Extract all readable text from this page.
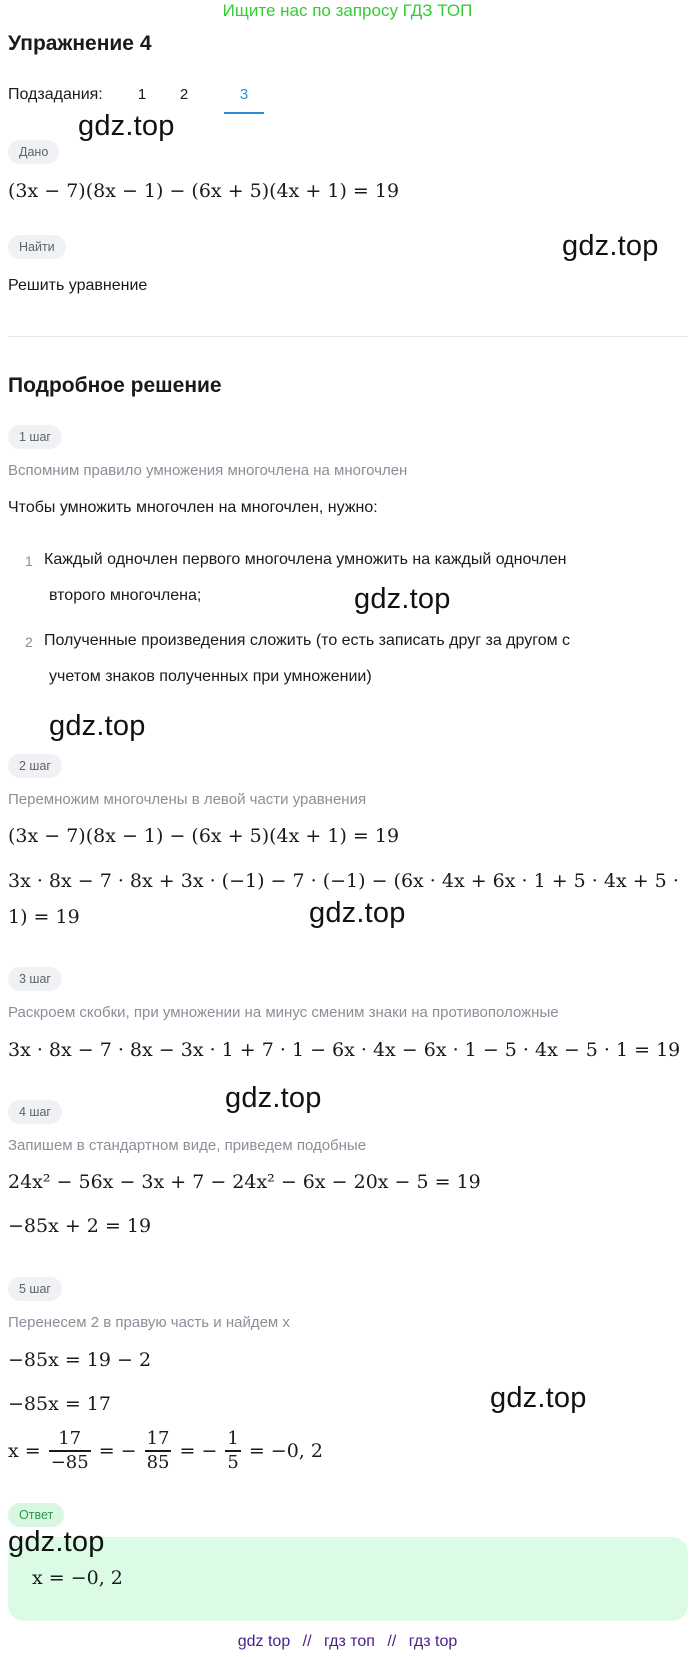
Ищите нас по запросу ГДЗ ТОП
Упражнение 4
Подзадания:	1	2	3
Дано
(3x − 7)(8x − 1) − (6x + 5)(4x + 1) = 19
Найти
Решить уравнение
Подробное решение
1 шаг
Вспомним правило умножения многочлена на многочлен
Чтобы умножить многочлен на многочлен, нужно:
1 Каждый одночлен первого многочлена умножить на каждый одночлен
второго многочлена;
2 Полученные произведения сложить (то есть записать друг за другом с
учетом знаков полученных при умножении)
2 шаг
Перемножим многочлены в левой части уравнения
(3x − 7)(8x − 1) − (6x + 5)(4x + 1) = 19
3x · 8x − 7 · 8x + 3x · (−1) − 7 · (−1) − (6x · 4x + 6x · 1 + 5 · 4x + 5 ·
1) = 19
3 шаг
Раскроем скобки, при умножении на минус сменим знаки на противоположные
3x · 8x − 7 · 8x − 3x · 1 + 7 · 1 − 6x · 4x − 6x · 1 − 5 · 4x − 5 · 1 = 19
4 шаг
Запишем в стандартном виде, приведем подобные
24x² − 56x − 3x + 7 − 24x² − 6x − 20x − 5 = 19
−85x + 2 = 19
5 шаг
Перенесем 2 в правую часть и найдем x
−85x = 19 − 2
−85x = 17
$x = \frac{17}{-85}$ = − $\frac{17}{85}$ = − $\frac{1}{5} = -0$, 2
Ответ
x = −0, 2
gdz.top
gdz.top
gdz.top
gdz.top
gdz.top
gdz.top
gdz.top
gdz.top
gdz top // гдз топ // гдз top
